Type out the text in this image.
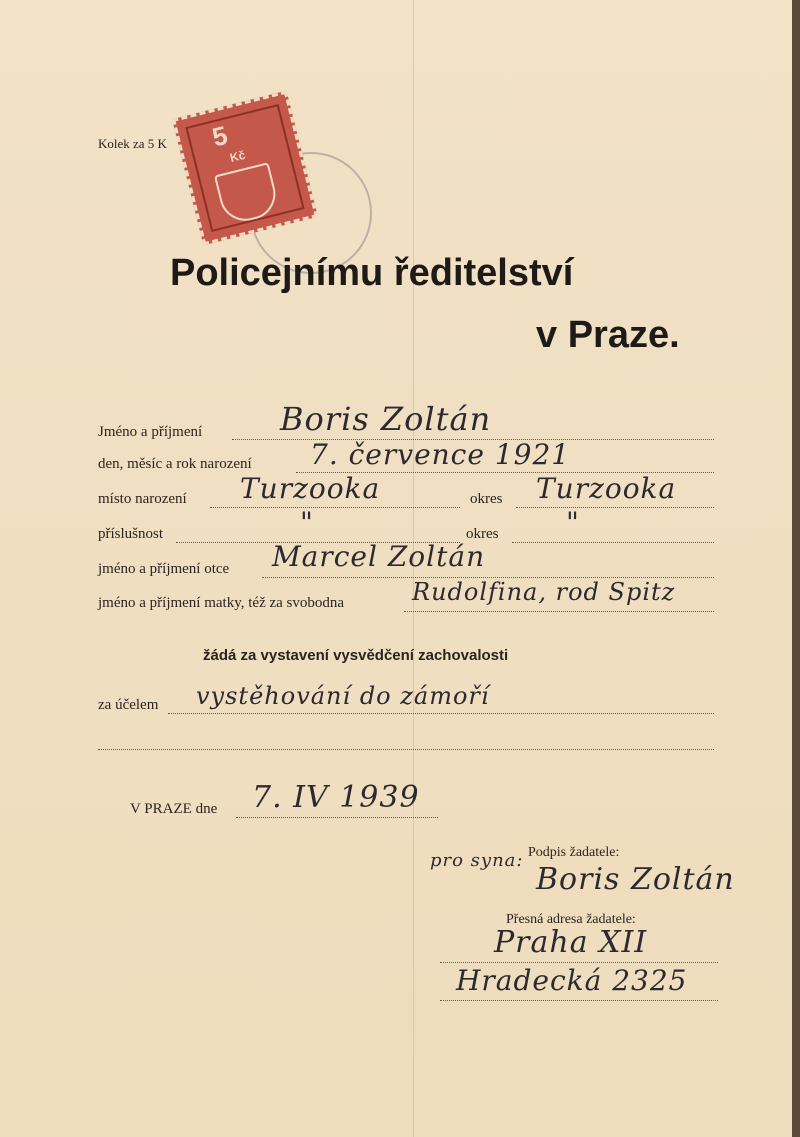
Kolek za 5 K 5
Kč
Policejnímu ředitelství
v Praze.
Jméno a příjmení Boris Zoltán
den, měsíc a rok narození 7. července 1921
místo narození Turzooka	okres Turzooka
příslušnost	"	okres "
jméno a příjmení otce Marcel Zoltán
jméno a příjmení matky, též za svobodna	Rudolfina, rod Spitz
žádá za vystavení vysvědčení zachovalosti
za účelem vystěhování do zámoří
V PRAZE dne 7. IV 1939
pro syna: Podpis žadatele:
Boris Zoltán
Přesná adresa žadatele:
Praha XII
Hradecká 2325
